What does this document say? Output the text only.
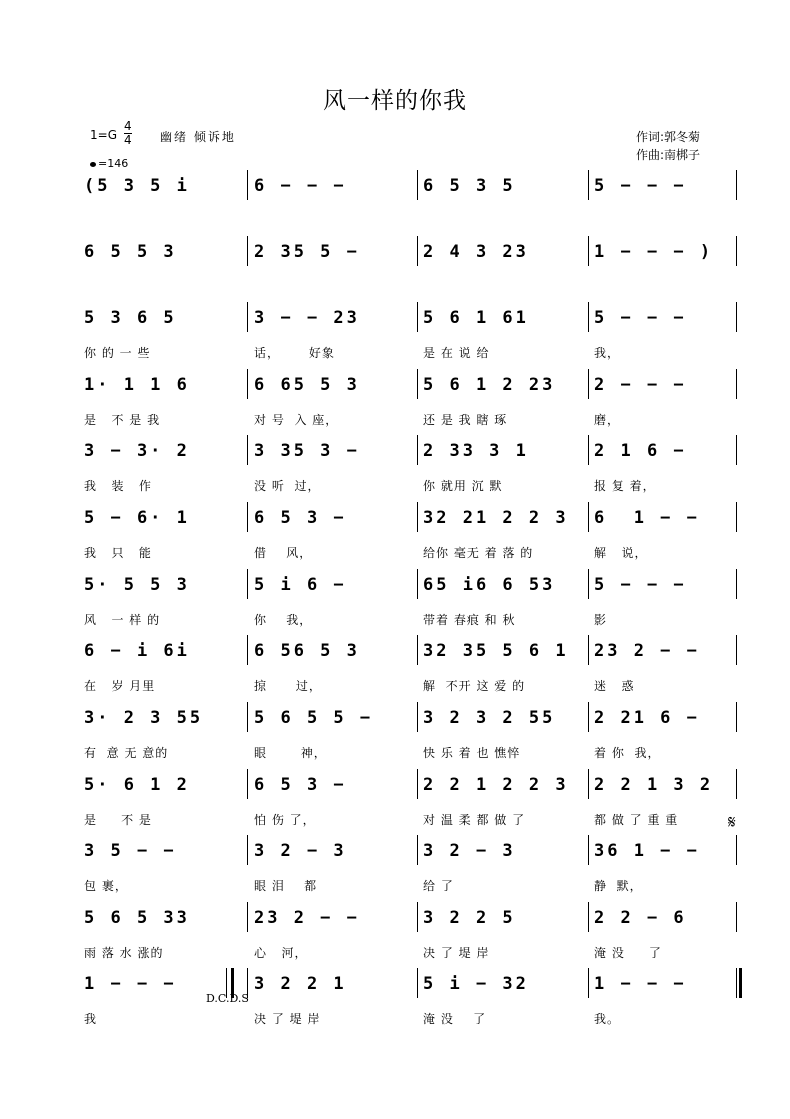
风一样的你我
$1=G \frac{4}{4}$ 幽绪 倾诉地
=146
作词:郭冬菊
作曲:南梆子
(5 3 5 i	6 − − −	6 5 3 5	5 − − −
6 5 5 3	2 35 5 −	2 4 3 23	1 − − − )
5 3 6 5
你 的 一 些
3 − − 23
话，      好象
5 6 1 61
是 在 说 给
5 − − −
我，
1· 1 1 6
是   不 是 我
6 65 5 3
对 号  入 座，
5 6 1 2 23
还 是 我 瞎 琢
2 − − −
磨，
3 − 3· 2
我   装   作
3 35 3 −
没 听  过，
2 33 3 1
你 就用 沉 默
2 1 6 −
报 复 着，
5 − 6· 1
我   只   能
6 5 3 −
借    风，
32 21 2 2 3
给你 毫无 着 落 的
6  1 − −
解   说，
5· 5 5 3
风   一 样 的
5 i 6 −
你    我，
65 i6 6 53
带着 春痕 和 秋
5 − − −
影
6 − i 6i
在   岁 月里
6 56 5 3
掠      过，
32 35 5 6 1
解  不开 这 爱 的
23 2 − −
迷   惑
3· 2 3 55
有  意 无 意的
5 6 5 5 −
眼       神，
3 2 3 2 55
快 乐 着 也 憔悴
2 21 6 −
着 你  我，
5· 6 1 2
是     不 是
6 5 3 −
怕 伤 了，
2 2 1 2 2 3
对 温 柔 都 做 了
2 2 1 3 2
都 做 了 重 重
3 5 − −
包 裹，
3 2 − 3
眼 泪    都
3 2 − 3
给 了
36 1 − −
静  默，
5 6 5 33
雨 落 水 涨的
23 2 − −
心   河，
3 2 2 5
决 了 堤 岸
2 2 − 6
淹 没     了
1 − − −
我
3 2 2 1
决 了 堤 岸
5 i − 32
淹 没    了
1 − − −
我。
D.C.D.S
𝄋
